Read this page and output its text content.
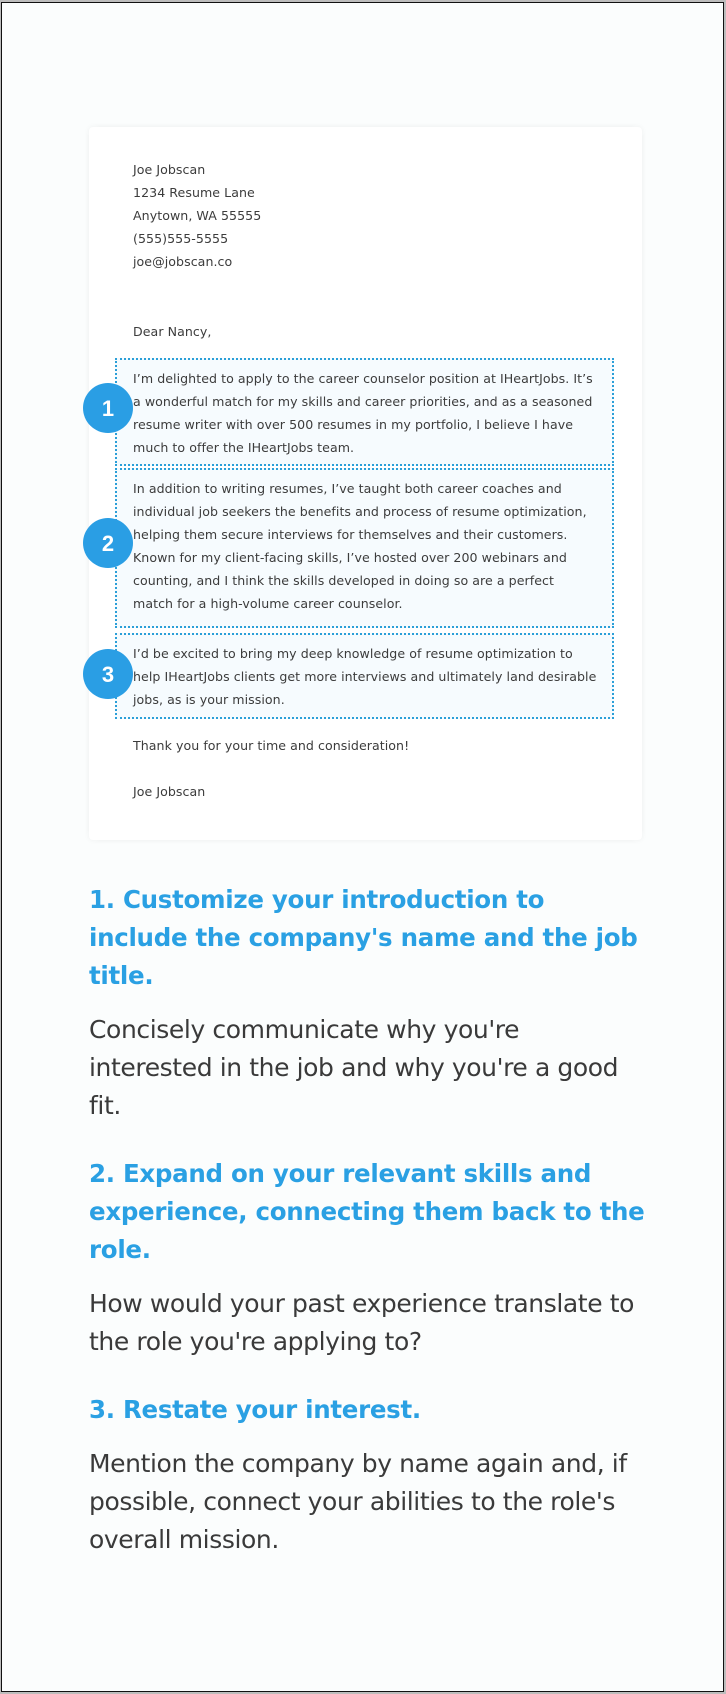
Joe Jobscan
1234 Resume Lane
Anytown, WA 55555
(555)555-5555
joe@jobscan.co
Dear Nancy,
1

I’m delighted to apply to the career counselor position at IHeartJobs. It’s a wonderful match for my skills and career priorities, and as a seasoned resume writer with over 500 resumes in my portfolio, I believe I have much to offer the IHeartJobs team.

2

In addition to writing resumes, I’ve taught both career coaches and individual job seekers the benefits and process of resume optimization, helping them secure interviews for themselves and their customers. Known for my client-facing skills, I’ve hosted over 200 webinars and counting, and I think the skills developed in doing so are a perfect match for a high-volume career counselor.

3

I’d be excited to bring my deep knowledge of resume optimization to help IHeartJobs clients get more interviews and ultimately land desirable jobs, as is your mission.

Thank you for your time and consideration!
Joe Jobscan
1. Customize your introduction to include the company's name and the job title.

Concisely communicate why you're interested in the job and why you're a good fit.

2. Expand on your relevant skills and experience, connecting them back to the role.

How would your past experience translate to the role you're applying to?

3. Restate your interest.

Mention the company by name again and, if possible, connect your abilities to the role's overall mission.
